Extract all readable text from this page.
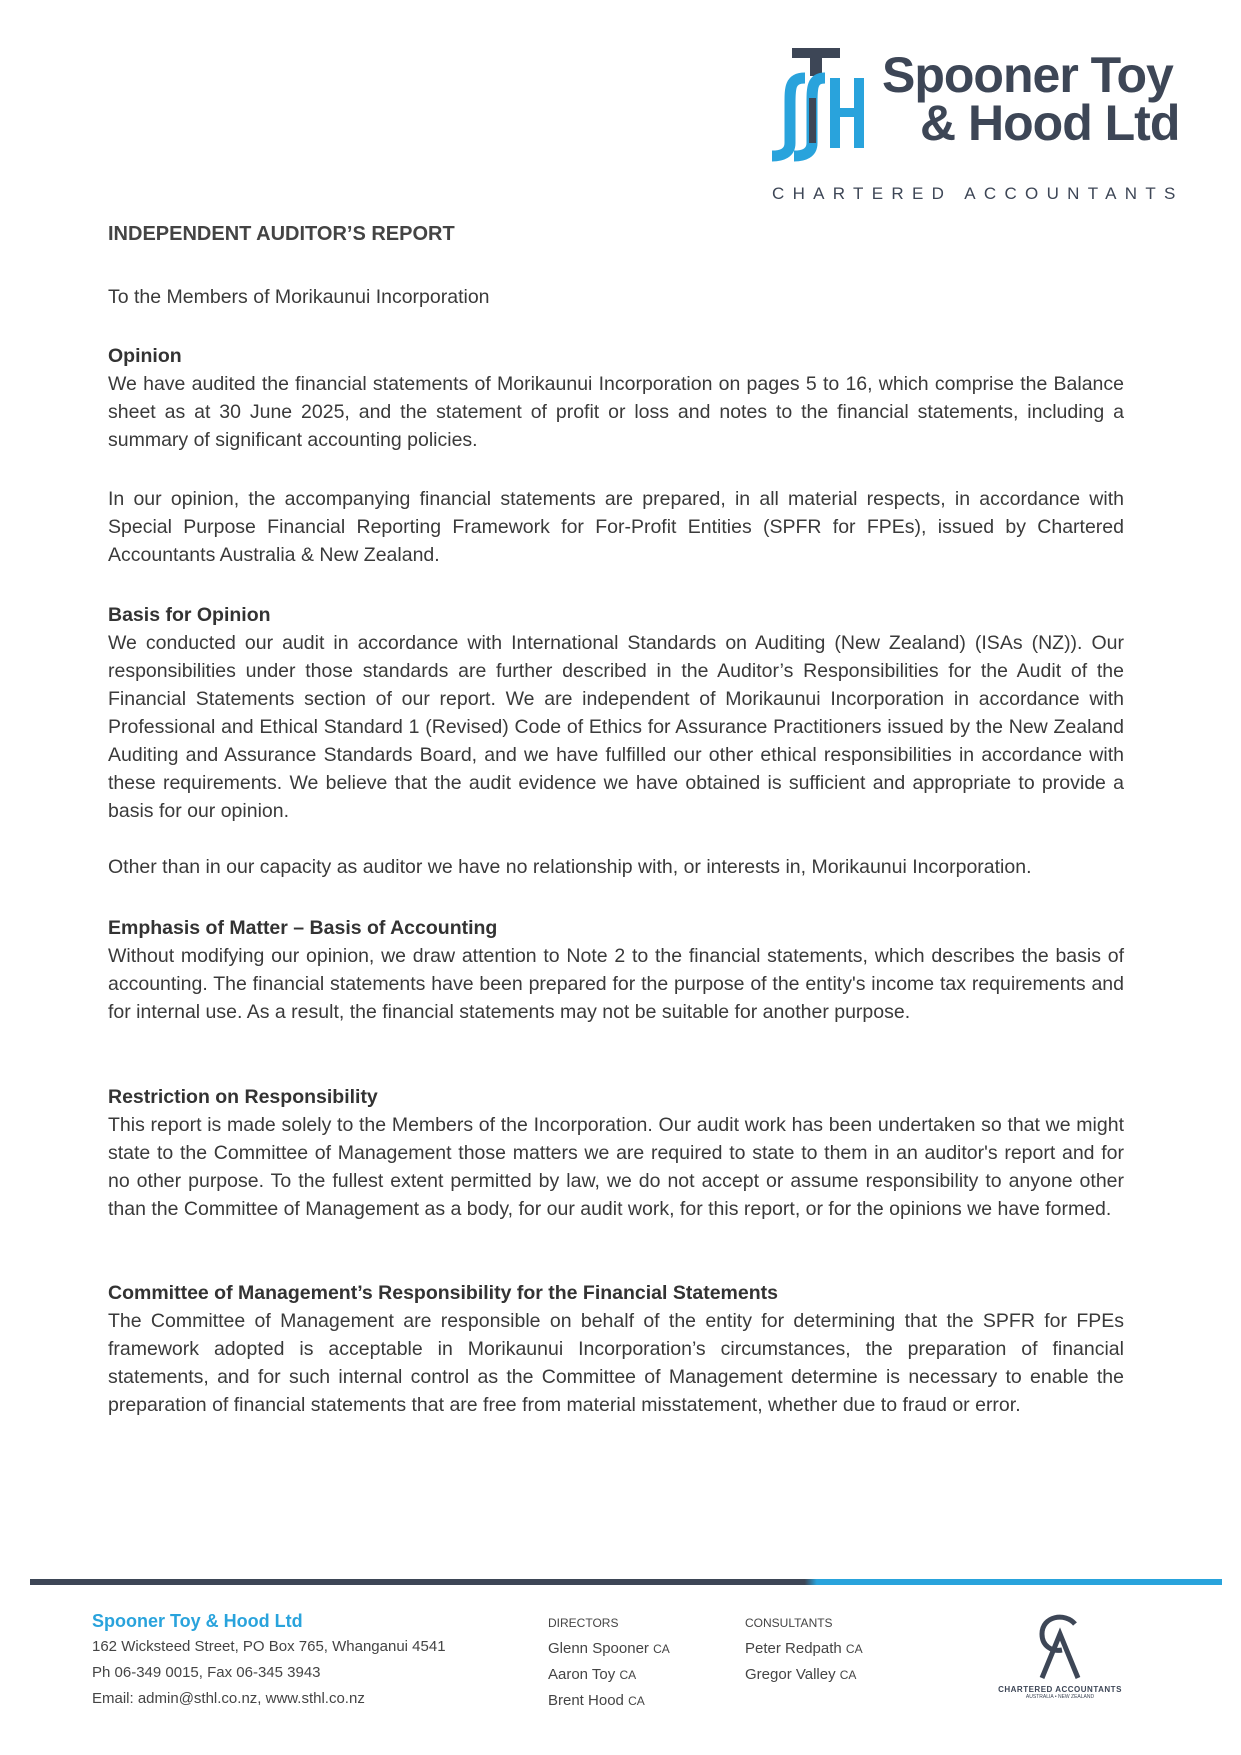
Spooner Toy
& Hood Ltd
CHARTERED ACCOUNTANTS
INDEPENDENT AUDITOR’S REPORT
To the Members of Morikaunui Incorporation
Opinion

We have audited the financial statements of Morikaunui Incorporation on pages 5 to 16, which comprise the Balance sheet as at 30 June 2025, and the statement of profit or loss and notes to the financial statements, including a summary of significant accounting policies.

In our opinion, the accompanying financial statements are prepared, in all material respects, in accordance with Special Purpose Financial Reporting Framework for For-Profit Entities (SPFR for FPEs), issued by Chartered Accountants Australia & New Zealand.

Basis for Opinion

We conducted our audit in accordance with International Standards on Auditing (New Zealand) (ISAs (NZ)). Our responsibilities under those standards are further described in the Auditor’s Responsibilities for the Audit of the Financial Statements section of our report. We are independent of Morikaunui Incorporation in accordance with Professional and Ethical Standard 1 (Revised) Code of Ethics for Assurance Practitioners issued by the New Zealand Auditing and Assurance Standards Board, and we have fulfilled our other ethical responsibilities in accordance with these requirements. We believe that the audit evidence we have obtained is sufficient and appropriate to provide a basis for our opinion.

Other than in our capacity as auditor we have no relationship with, or interests in, Morikaunui Incorporation.

Emphasis of Matter – Basis of Accounting

Without modifying our opinion, we draw attention to Note 2 to the financial statements, which describes the basis of accounting. The financial statements have been prepared for the purpose of the entity's income tax requirements and for internal use. As a result, the financial statements may not be suitable for another purpose.

Restriction on Responsibility

This report is made solely to the Members of the Incorporation. Our audit work has been undertaken so that we might state to the Committee of Management those matters we are required to state to them in an auditor's report and for no other purpose. To the fullest extent permitted by law, we do not accept or assume responsibility to anyone other than the Committee of Management as a body, for our audit work, for this report, or for the opinions we have formed.

Committee of Management’s Responsibility for the Financial Statements

The Committee of Management are responsible on behalf of the entity for determining that the SPFR for FPEs framework adopted is acceptable in Morikaunui Incorporation’s circumstances, the preparation of financial statements, and for such internal control as the Committee of Management determine is necessary to enable the preparation of financial statements that are free from material misstatement, whether due to fraud or error.

Spooner Toy & Hood Ltd
162 Wicksteed Street, PO Box 765, Whanganui 4541
Ph 06-349 0015, Fax 06-345 3943
Email: admin@sthl.co.nz, www.sthl.co.nz
DIRECTORS
Glenn Spooner CA
Aaron Toy CA
Brent Hood CA
CONSULTANTS
Peter Redpath CA
Gregor Valley CA
CHARTERED ACCOUNTANTS
AUSTRALIA • NEW ZEALAND
